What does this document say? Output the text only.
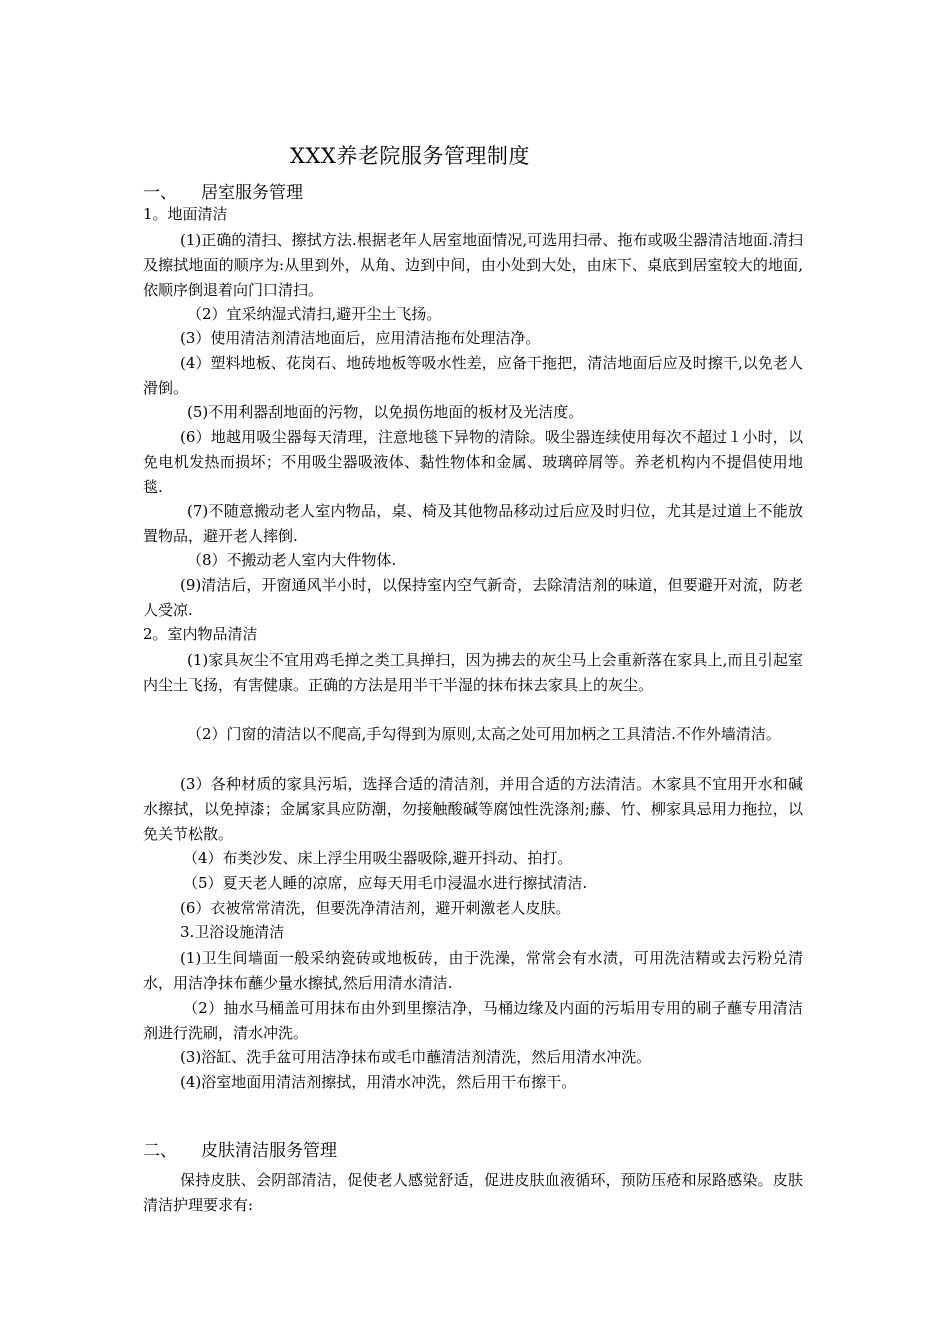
XXX养老院服务管理制度
一、 居室服务管理
1。地面清洁
(1)正确的清扫、擦拭方法.根据老年人居室地面情况,可选用扫帚、拖布或吸尘器清洁地面.清扫及擦拭地面的顺序为:从里到外，从角、边到中间，由小处到大处，由床下、桌底到居室较大的地面,依顺序倒退着向门口清扫。
（2）宜采纳湿式清扫,避开尘土飞扬。
(3）使用清洁剂清洁地面后，应用清洁拖布处理洁净。
(4）塑料地板、花岗石、地砖地板等吸水性差，应备干拖把，清洁地面后应及时擦干,以免老人滑倒。
(5)不用利器刮地面的污物，以免损伤地面的板材及光洁度。
(6）地越用吸尘器每天清理，注意地毯下异物的清除。吸尘器连续使用每次不超过１小时，以免电机发热而损坏；不用吸尘器吸液体、黏性物体和金属、玻璃碎屑等。养老机构内不提倡使用地毯.
(7)不随意搬动老人室内物品，桌、椅及其他物品移动过后应及时归位，尤其是过道上不能放置物品，避开老人摔倒.
（8）不搬动老人室内大件物体.
(9)清洁后，开窗通风半小时，以保持室内空气新奇，去除清洁剂的味道，但要避开对流，防老人受凉.
2。室内物品清洁
(1)家具灰尘不宜用鸡毛掸之类工具掸扫，因为拂去的灰尘马上会重新落在家具上,而且引起室内尘土飞扬，有害健康。正确的方法是用半干半湿的抹布抹去家具上的灰尘。
（2）门窗的清洁以不爬高,手勾得到为原则,太高之处可用加柄之工具清洁.不作外墙清洁。
(3）各种材质的家具污垢，选择合适的清洁剂，并用合适的方法清洁。木家具不宜用开水和碱水擦拭，以免掉漆；金属家具应防潮，勿接触酸碱等腐蚀性洗涤剂;藤、竹、柳家具忌用力拖拉，以免关节松散。
（4）布类沙发、床上浮尘用吸尘器吸除,避开抖动、拍打。
（5）夏天老人睡的凉席，应每天用毛巾浸温水进行擦拭清洁.
(6）衣被常常清洗，但要洗净清洁剂，避开刺激老人皮肤。
3.卫浴设施清洁
(1)卫生间墙面一般采纳瓷砖或地板砖，由于洗澡，常常会有水渍，可用洗洁精或去污粉兑清水，用洁净抹布蘸少量水擦拭,然后用清水清洁.
（2）抽水马桶盖可用抹布由外到里擦洁净，马桶边缘及内面的污垢用专用的刷子蘸专用清洁剂进行洗刷，清水冲洗。
(3)浴缸、洗手盆可用洁净抹布或毛巾蘸清洁剂清洗，然后用清水冲洗。
(4)浴室地面用清洁剂擦拭，用清水冲洗，然后用干布擦干。
二、 皮肤清洁服务管理
保持皮肤、会阴部清洁，促使老人感觉舒适，促进皮肤血液循环，预防压疮和尿路感染。皮肤清洁护理要求有:
